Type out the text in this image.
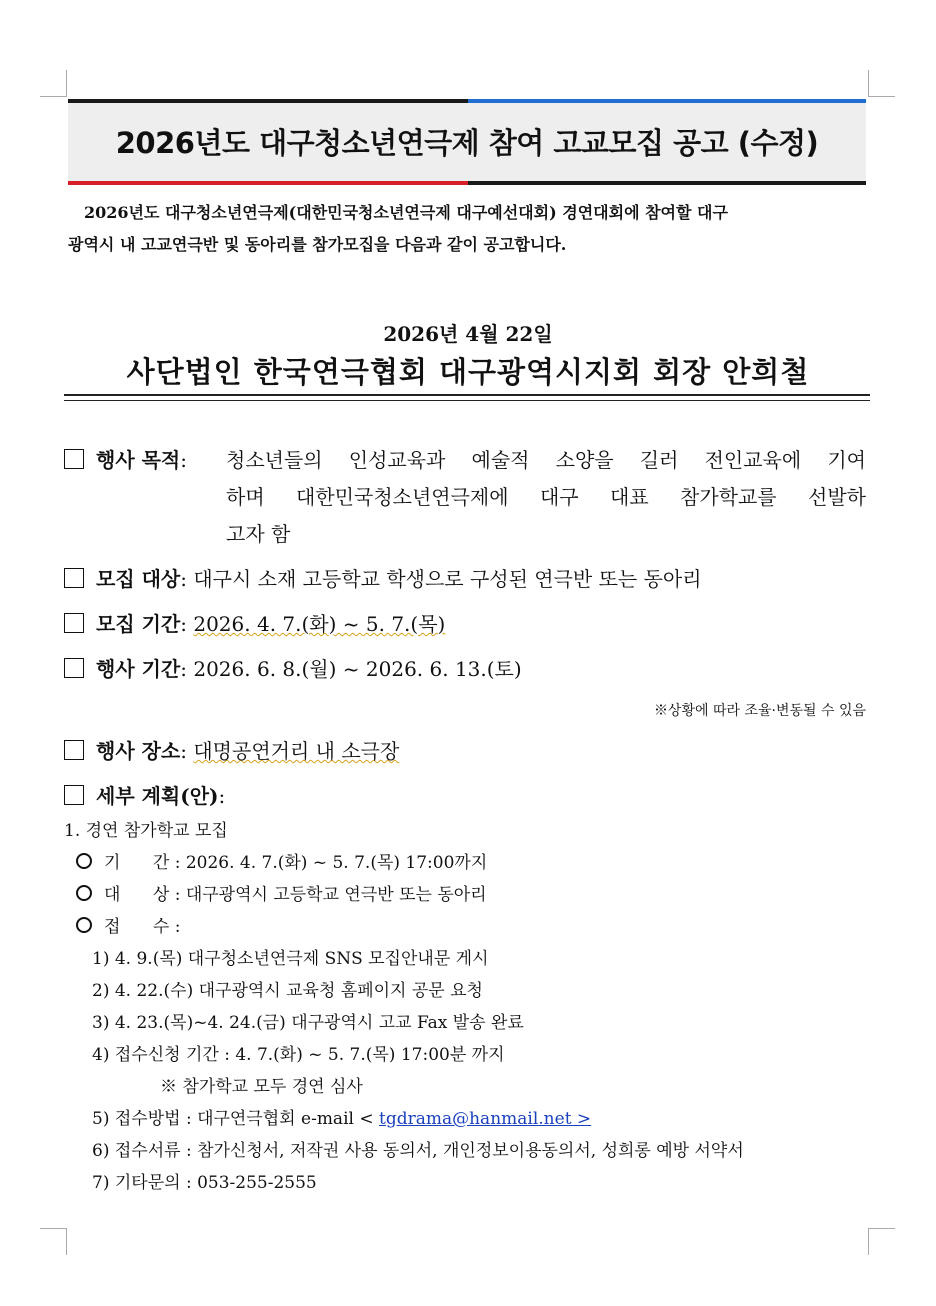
2026년도 대구청소년연극제 참여 고교모집 공고 (수정)

2026년도 대구청소년연극제(대한민국청소년연극제 대구예선대회) 경연대회에 참여할 대구

광역시 내 고교연극반 및 동아리를 참가모집을 다음과 같이 공고합니다.

2026년 4월 22일
사단법인 한국연극협회 대구광역시지회 회장 안희철
행사 목적: 청소년들의 인성교육과 예술적 소양을 길러 전인교육에 기여
하며 대한민국청소년연극제에 대구 대표 참가학교를 선발하
고자 함
모집 대상: 대구시 소재 고등학교 학생으로 구성된 연극반 또는 동아리
모집 기간: 2026. 4. 7.(화) ~ 5. 7.(목)
행사 기간: 2026. 6. 8.(월) ~ 2026. 6. 13.(토)
※상황에 따라 조율·변동될 수 있음
행사 장소: 대명공연거리 내 소극장
세부 계획(안):
1. 경연 참가학교 모집
기      간 : 2026. 4. 7.(화) ~ 5. 7.(목) 17:00까지
대      상 : 대구광역시 고등학교 연극반 또는 동아리
접      수 :
1) 4. 9.(목) 대구청소년연극제 SNS 모집안내문 게시
2) 4. 22.(수) 대구광역시 교육청 홈페이지 공문 요청
3) 4. 23.(목)~4. 24.(금) 대구광역시 고교 Fax 발송 완료
4) 접수신청 기간 : 4. 7.(화) ~ 5. 7.(목) 17:00분 까지
※ 참가학교 모두 경연 심사
5) 접수방법 : 대구연극협회 e-mail < tgdrama@hanmail.net >
6) 접수서류 : 참가신청서, 저작권 사용 동의서, 개인정보이용동의서, 성희롱 예방 서약서
7) 기타문의 : 053-255-2555
